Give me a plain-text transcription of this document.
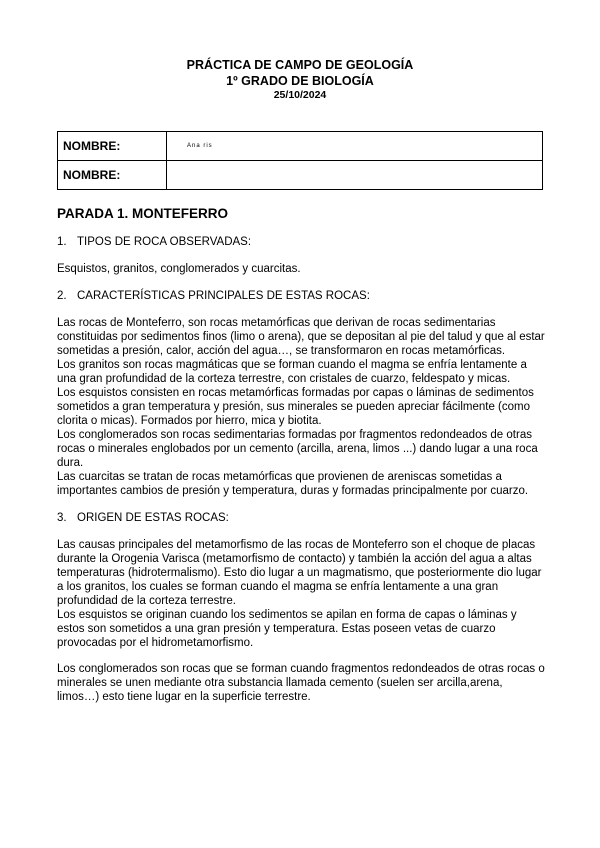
PRÁCTICA DE CAMPO DE GEOLOGÍA
1º GRADO DE BIOLOGÍA
25/10/2024
NOMBRE:	Ana ris
NOMBRE:	
PARADA 1. MONTEFERRO
1. TIPOS DE ROCA OBSERVADAS:

Esquistos, granitos, conglomerados y cuarcitas.

2. CARACTERÍSTICAS PRINCIPALES DE ESTAS ROCAS:

Las rocas de Monteferro, son rocas metamórficas que derivan de rocas sedimentarias constituidas por sedimentos finos (limo o arena), que se depositan al pie del talud y que al estar sometidas a presión, calor, acción del agua…, se transformaron en rocas metamórficas.

Los granitos son rocas magmáticas que se forman cuando el magma se enfría lentamente a una gran profundidad de la corteza terrestre, con cristales de cuarzo, feldespato y micas.

Los esquistos consisten en rocas metamórficas formadas por capas o láminas de sedimentos sometidos a gran temperatura y presión, sus minerales se pueden apreciar fácilmente (como clorita o micas). Formados por hierro, mica y biotita.

Los conglomerados son rocas sedimentarias formadas por fragmentos redondeados de otras rocas o minerales englobados por un cemento (arcilla, arena, limos ...) dando lugar a una roca dura.

Las cuarcitas se tratan de rocas metamórficas que provienen de areniscas sometidas a importantes cambios de presión y temperatura, duras y formadas principalmente por cuarzo.

3. ORIGEN DE ESTAS ROCAS:

Las causas principales del metamorfismo de las rocas de Monteferro son el choque de placas durante la Orogenia Varisca (metamorfismo de contacto) y también la acción del agua a altas temperaturas (hidrotermalismo). Esto dio lugar a un magmatismo, que posteriormente dio lugar a los granitos, los cuales se forman cuando el magma se enfría lentamente a una gran profundidad de la corteza terrestre.

Los esquistos se originan cuando los sedimentos se apilan en forma de capas o láminas y estos son sometidos a una gran presión y temperatura. Estas poseen vetas de cuarzo provocadas por el hidrometamorfismo.

Los conglomerados son rocas que se forman cuando fragmentos redondeados de otras rocas o minerales se unen mediante otra substancia llamada cemento (suelen ser arcilla,arena, limos…) esto tiene lugar en la superficie terrestre.
